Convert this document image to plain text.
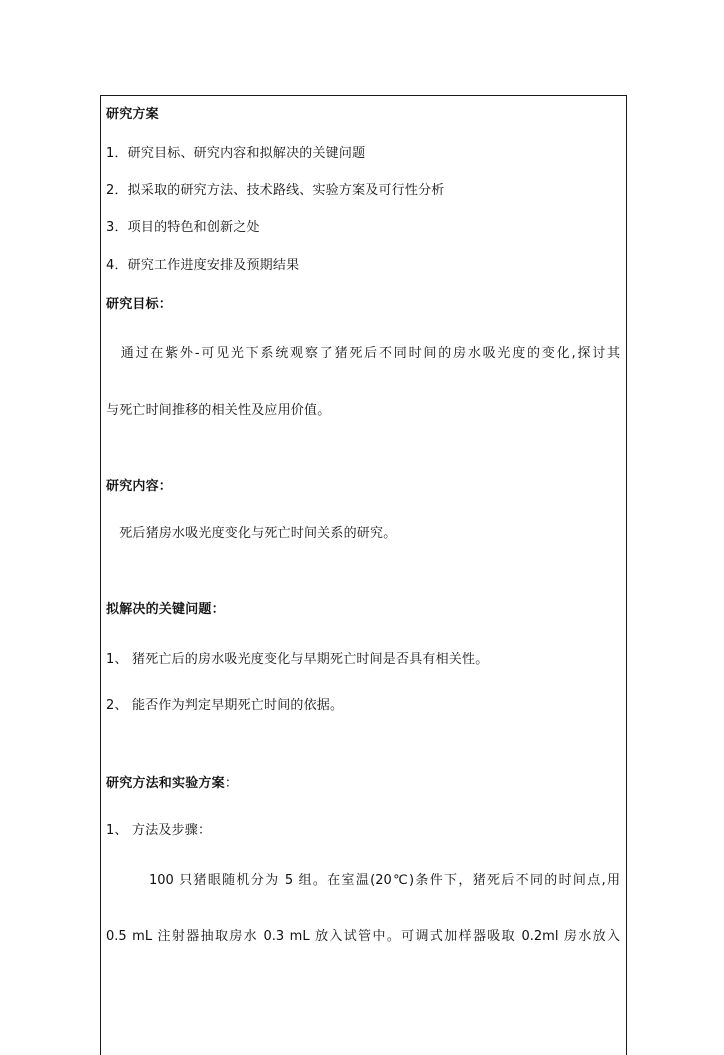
研究方案
1．研究目标、研究内容和拟解决的关键问题
2．拟采取的研究方法、技术路线、实验方案及可行性分析
3．项目的特色和创新之处
4．研究工作进度安排及预期结果
研究目标：
　通过在紫外-可见光下系统观察了猪死后不同时间的房水吸光度的变化,探讨其
与死亡时间推移的相关性及应用价值。
研究内容：
　死后猪房水吸光度变化与死亡时间关系的研究。
拟解决的关键问题：
1、 猪死亡后的房水吸光度变化与早期死亡时间是否具有相关性。
2、 能否作为判定早期死亡时间的依据。
研究方法和实验方案：
1、 方法及步骤：
　　　100 只猪眼随机分为 5 组。在室温(20℃)条件下，猪死后不同的时间点,用
0.5 mL 注射器抽取房水 0.3 mL 放入试管中。可调式加样器吸取 0.2ml 房水放入
